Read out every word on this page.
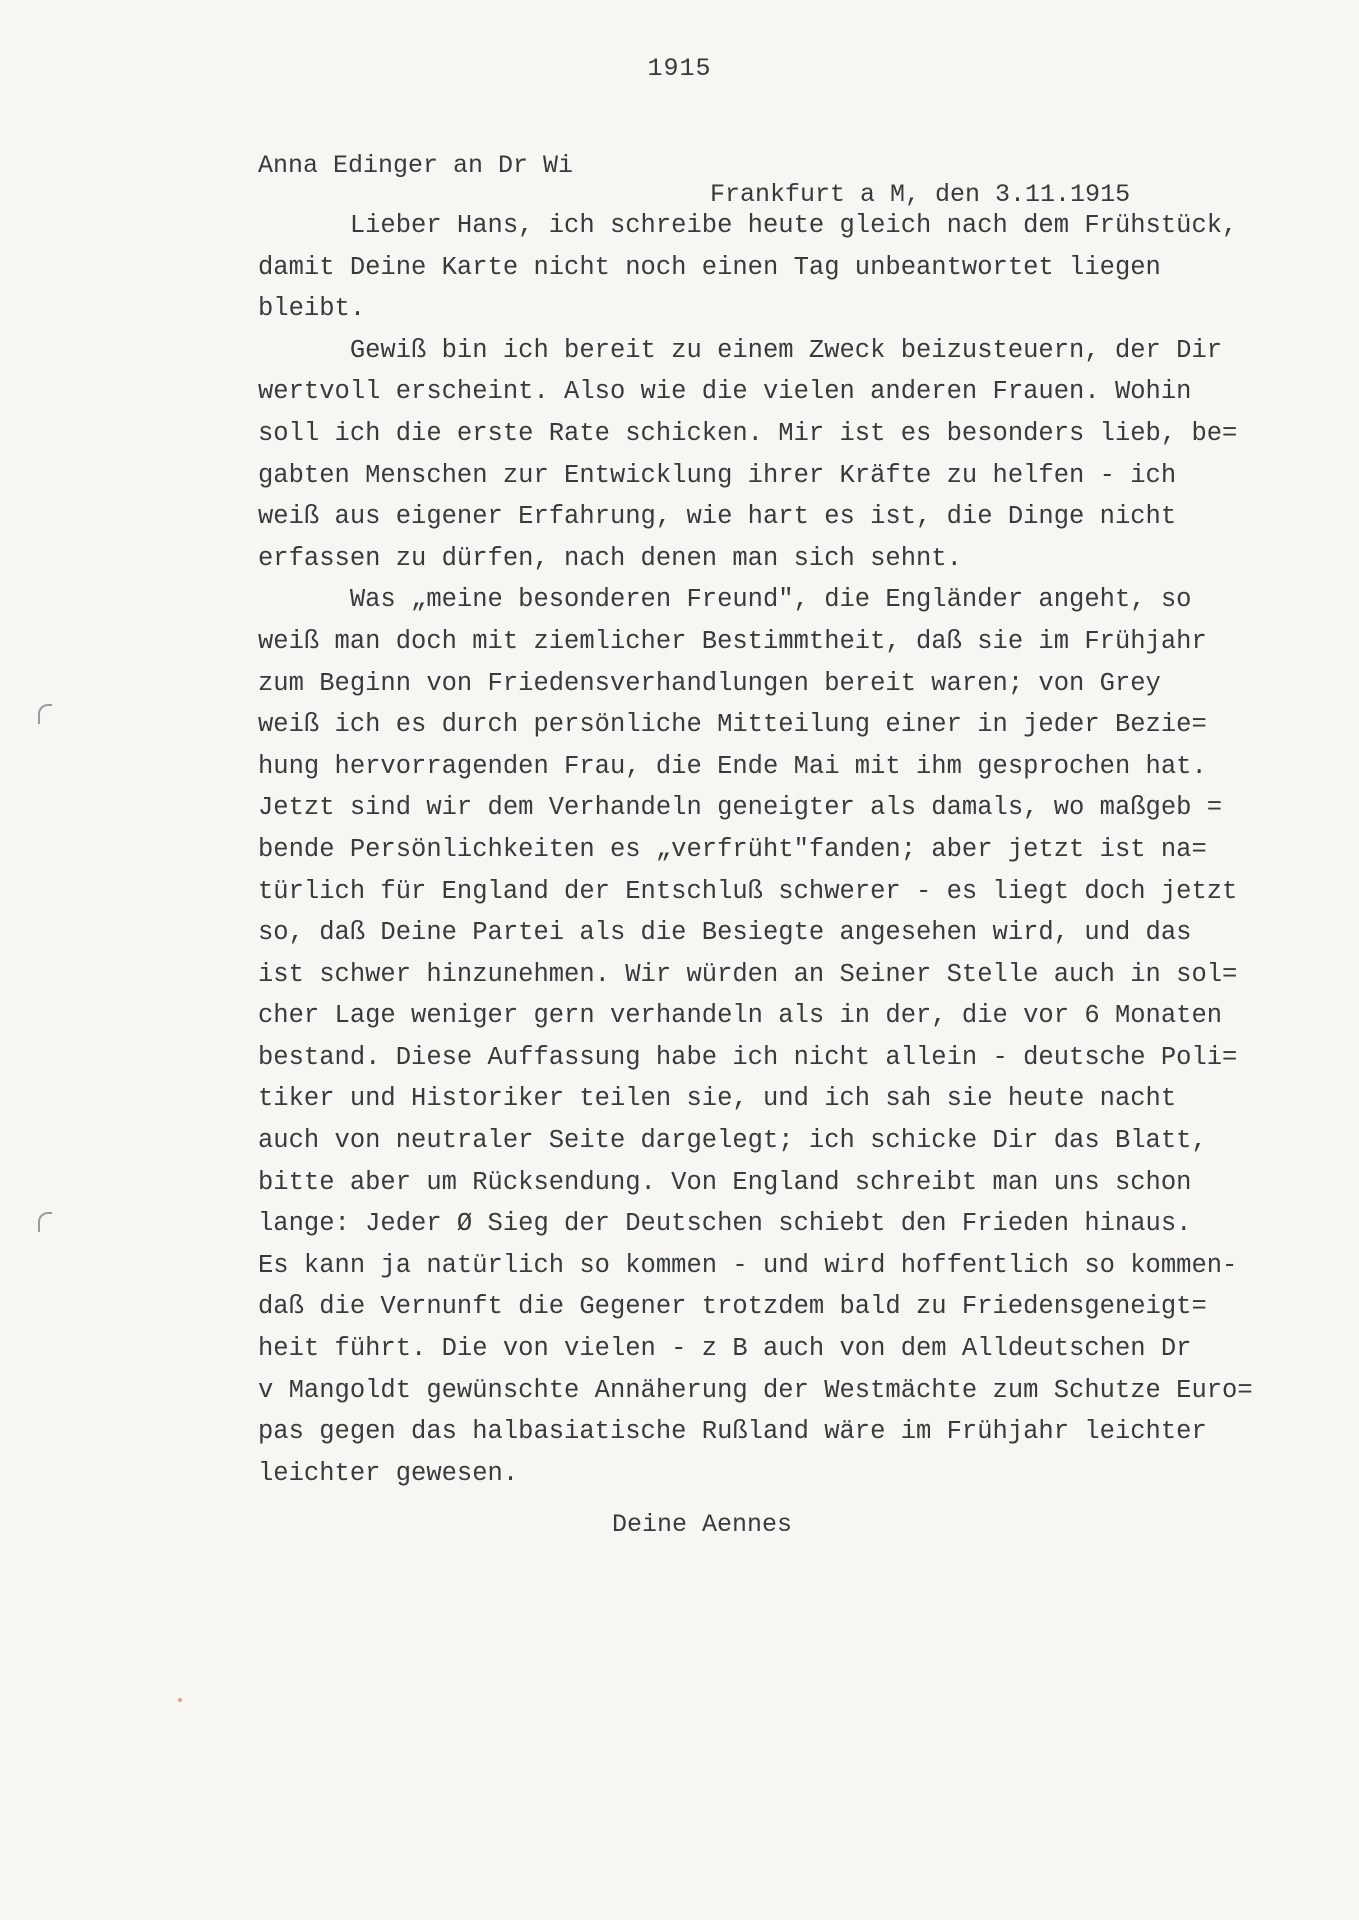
1915

Anna Edinger an Dr Wi

Frankfurt a M, den 3.11.1915

Lieber Hans, ich schreibe heute gleich nach dem Frühstück,
damit Deine Karte nicht noch einen Tag unbeantwortet liegen
bleibt.
Gewiß bin ich bereit zu einem Zweck beizusteuern, der Dir
wertvoll erscheint. Also wie die vielen anderen Frauen. Wohin
soll ich die erste Rate schicken. Mir ist es besonders lieb, be=
gabten Menschen zur Entwicklung ihrer Kräfte zu helfen - ich
weiß aus eigener Erfahrung, wie hart es ist, die Dinge nicht
erfassen zu dürfen, nach denen man sich sehnt.
Was „meine besonderen Freund", die Engländer angeht, so
weiß man doch mit ziemlicher Bestimmtheit, daß sie im Frühjahr
zum Beginn von Friedensverhandlungen bereit waren; von Grey
weiß ich es durch persönliche Mitteilung einer in jeder Bezie=
hung hervorragenden Frau, die Ende Mai mit ihm gesprochen hat.
Jetzt sind wir dem Verhandeln geneigter als damals, wo maßgeb =
bende Persönlichkeiten es „verfrüht"fanden; aber jetzt ist na=
türlich für England der Entschluß schwerer - es liegt doch jetzt
so, daß Deine Partei als die Besiegte angesehen wird, und das
ist schwer hinzunehmen. Wir würden an Seiner Stelle auch in sol=
cher Lage weniger gern verhandeln als in der, die vor 6 Monaten
bestand. Diese Auffassung habe ich nicht allein - deutsche Poli=
tiker und Historiker teilen sie, und ich sah sie heute nacht
auch von neutraler Seite dargelegt; ich schicke Dir das Blatt,
bitte aber um Rücksendung. Von England schreibt man uns schon
lange: Jeder Ø Sieg der Deutschen schiebt den Frieden hinaus.
Es kann ja natürlich so kommen - und wird hoffentlich so kommen-
daß die Vernunft die Gegener trotzdem bald zu Friedensgeneigt=
heit führt. Die von vielen - z B auch von dem Alldeutschen Dr
v Mangoldt gewünschte Annäherung der Westmächte zum Schutze Euro=
pas gegen das halbasiatische Rußland wäre im Frühjahr leichter
leichter gewesen.
Deine Aennes
